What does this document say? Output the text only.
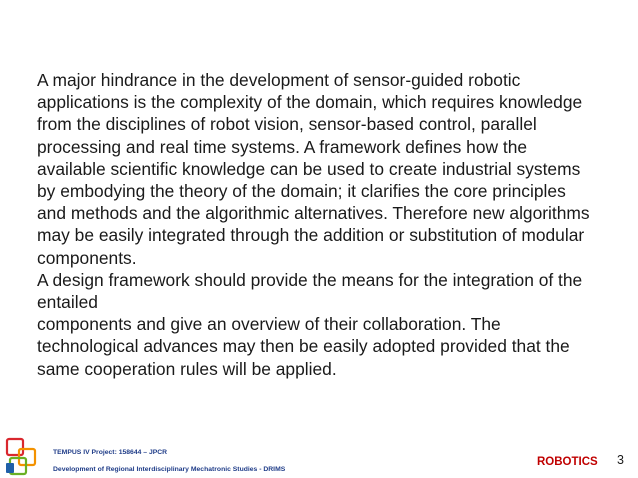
A major hindrance in the development of sensor-guided robotic
applications is the complexity of the domain, which requires knowledge
from the disciplines of robot vision, sensor-based control, parallel
processing and real time systems. A framework defines how the
available scientific knowledge can be used to create industrial systems
by embodying the theory of the domain; it clarifies the core principles
and methods and the algorithmic alternatives. Therefore new algorithms
may be easily integrated through the addition or substitution of modular
components.
A design framework should provide the means for the integration of the
entailed
components and give an overview of their collaboration. The
technological advances may then be easily adopted provided that the
same cooperation rules will be applied.
TEMPUS IV Project: 158644 – JPCR
Development of Regional Interdisciplinary Mechatronic Studies - DRIMS
ROBOTICS 3
